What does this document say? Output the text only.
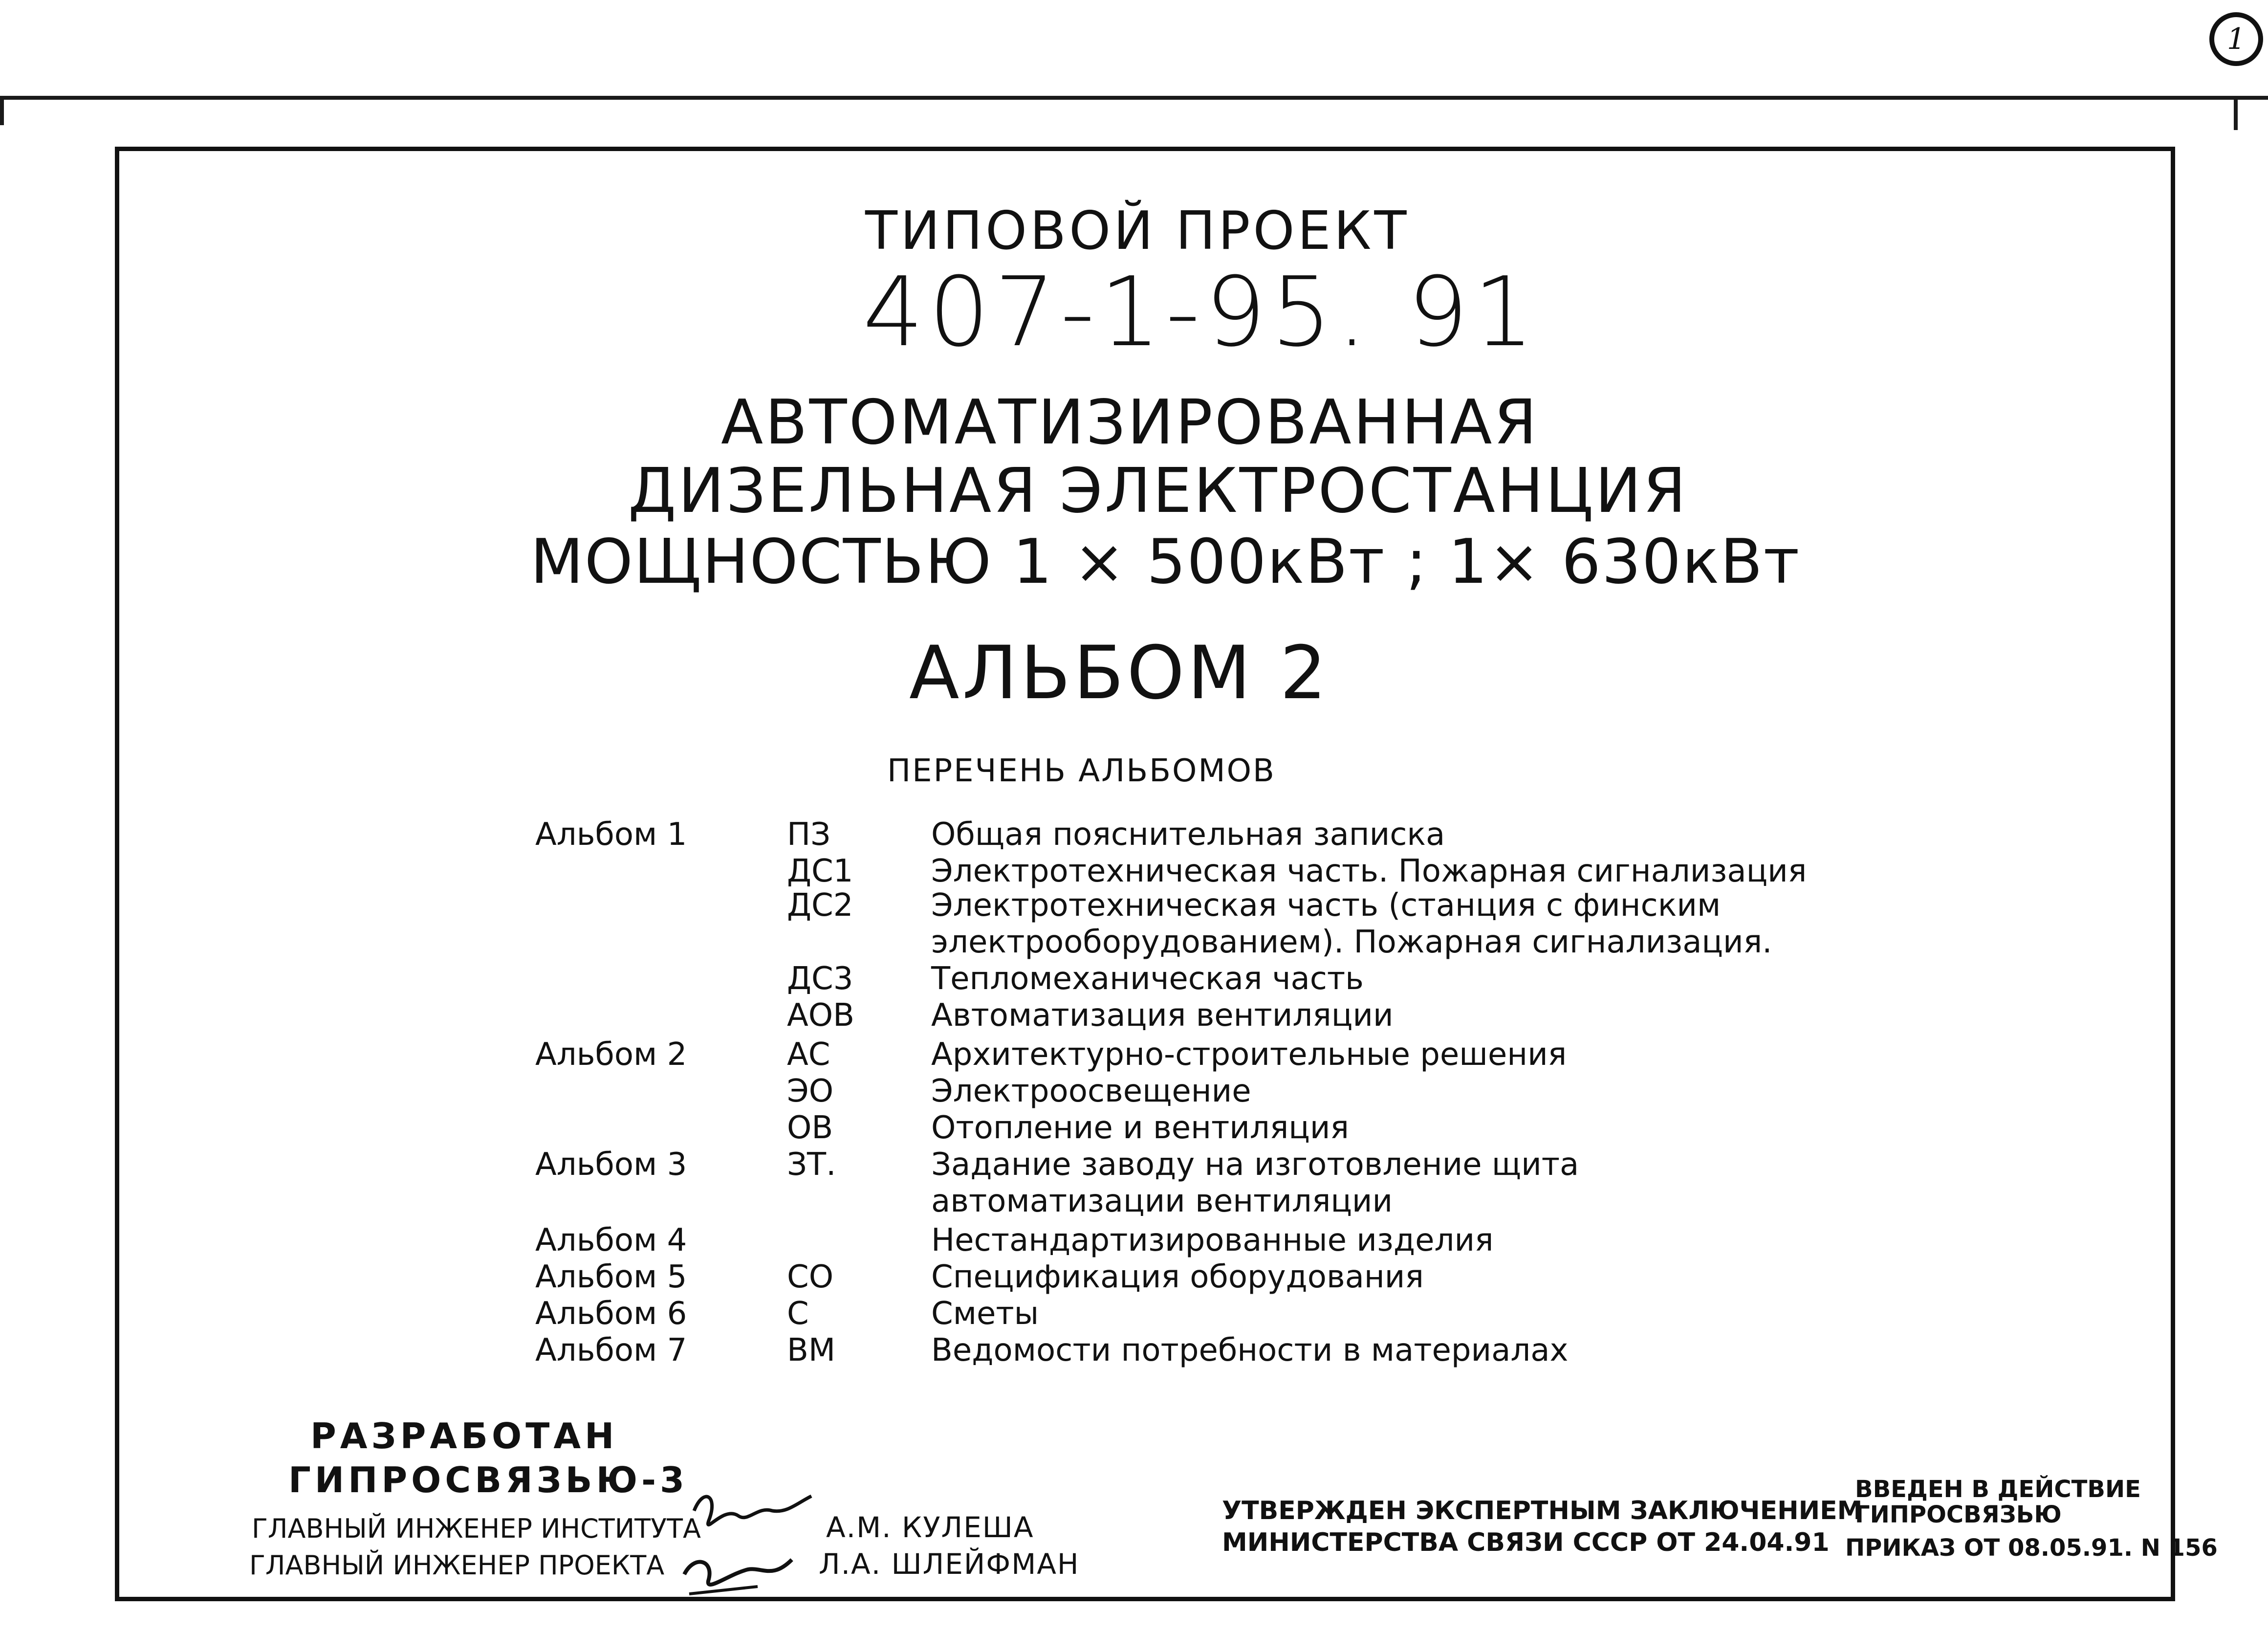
1
ТИПОВОЙ ПРОЕКТ
407-1-95. 91
АВТОМАТИЗИРОВАННАЯ
ДИЗЕЛЬНАЯ ЭЛЕКТРОСТАНЦИЯ
МОЩНОСТЬЮ 1 × 500кВт ; 1× 630кВт
АЛЬБОМ 2
ПЕРЕЧЕНЬ АЛЬБОМОВ
Альбом 1	ПЗ	Общая пояснительная записка
ДС1 Электротехническая часть. Пожарная сигнализация
ДС2 Электротехническая часть (станция с финским
электрооборудованием). Пожарная сигнализация.
ДС3 Тепломеханическая часть
АОВ Автоматизация вентиляции
Альбом 2	АС	Архитектурно-строительные решения
ЭО	Электроосвещение
ОВ	Отопление и вентиляция
Альбом 3	ЗТ.	Задание заводу на изготовление щита
автоматизации вентиляции
Альбом 4	Нестандартизированные изделия
Альбом 5	СО	Спецификация оборудования
Альбом 6	С	Сметы
Альбом 7	ВМ	Ведомости потребности в материалах
РАЗРАБОТАН
ГИПРОСВЯЗЬЮ-3
ГЛАВНЫЙ ИНЖЕНЕР ИНСТИТУТА
ГЛАВНЫЙ ИНЖЕНЕР ПРОЕКТА
А.М. КУЛЕША
Л.А. ШЛЕЙФМАН
УТВЕРЖДЕН ЭКСПЕРТНЫМ ЗАКЛЮЧЕНИЕМ
МИНИСТЕРСТВА СВЯЗИ СССР ОТ 24.04.91
ВВЕДЕН В ДЕЙСТВИЕ
ГИПРОСВЯЗЬЮ
ПРИКАЗ ОТ 08.05.91. N 156
